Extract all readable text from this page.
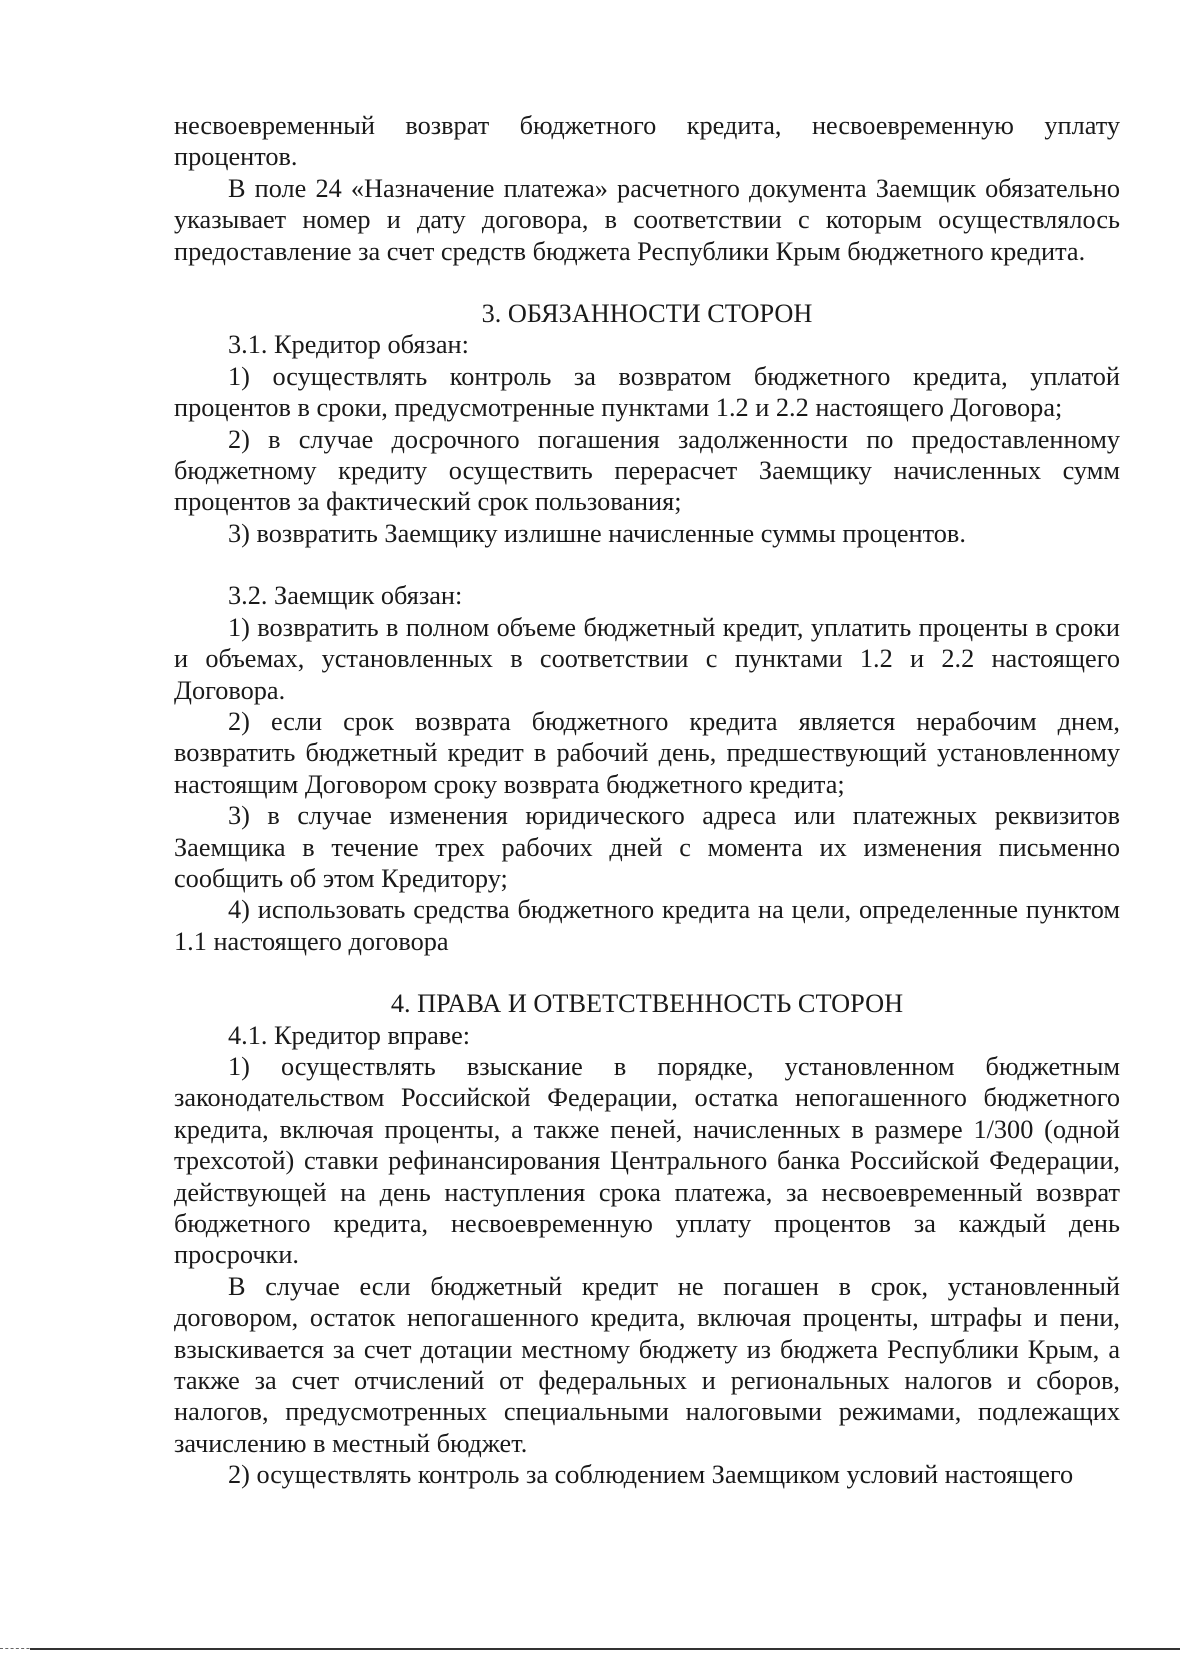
несвоевременный возврат бюджетного кредита, несвоевременную уплату процентов.

В поле 24 «Назначение платежа» расчетного документа Заемщик обязательно указывает номер и дату договора, в соответствии с которым осуществлялось предоставление за счет средств бюджета Республики Крым бюджетного кредита.

3. ОБЯЗАННОСТИ СТОРОН

3.1. Кредитор обязан:

1) осуществлять контроль за возвратом бюджетного кредита, уплатой процентов в сроки, предусмотренные пунктами 1.2 и 2.2 настоящего Договора;

2) в случае досрочного погашения задолженности по предоставленному бюджетному кредиту осуществить перерасчет Заемщику начисленных сумм процентов за фактический срок пользования;

3) возвратить Заемщику излишне начисленные суммы процентов.

3.2. Заемщик обязан:

1) возвратить в полном объеме бюджетный кредит, уплатить проценты в сроки и объемах, установленных в соответствии с пунктами 1.2 и 2.2 настоящего Договора.

2) если срок возврата бюджетного кредита является нерабочим днем, возвратить бюджетный кредит в рабочий день, предшествующий установленному настоящим Договором сроку возврата бюджетного кредита;

3) в случае изменения юридического адреса или платежных реквизитов Заемщика в течение трех рабочих дней с момента их изменения письменно сообщить об этом Кредитору;

4) использовать средства бюджетного кредита на цели, определенные пунктом 1.1 настоящего договора

4. ПРАВА И ОТВЕТСТВЕННОСТЬ СТОРОН

4.1. Кредитор вправе:

1) осуществлять взыскание в порядке, установленном бюджетным законодательством Российской Федерации, остатка непогашенного бюджетного кредита, включая проценты, а также пеней, начисленных в размере 1/300 (одной трехсотой) ставки рефинансирования Центрального банка Российской Федерации, действующей на день наступления срока платежа, за несвоевременный возврат бюджетного кредита, несвоевременную уплату процентов за каждый день просрочки.

В случае если бюджетный кредит не погашен в срок, установленный договором, остаток непогашенного кредита, включая проценты, штрафы и пени, взыскивается за счет дотации местному бюджету из бюджета Республики Крым, а также за счет отчислений от федеральных и региональных налогов и сборов, налогов, предусмотренных специальными налоговыми режимами, подлежащих зачислению в местный бюджет.

2) осуществлять контроль за соблюдением Заемщиком условий настоящего
